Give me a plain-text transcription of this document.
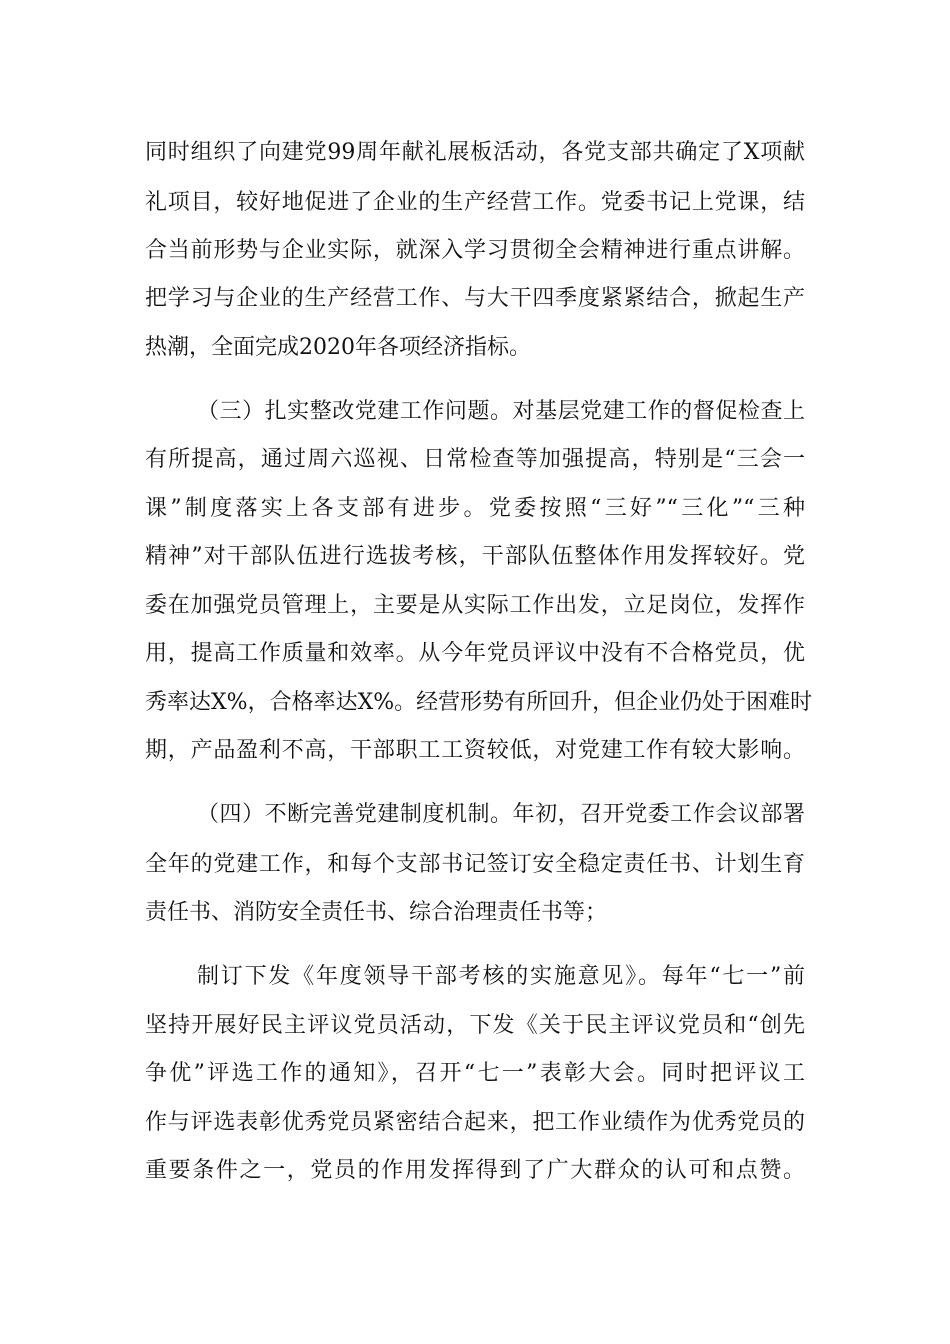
同时组织了向建党99周年献礼展板活动，各党支部共确定了X项献
礼项目，较好地促进了企业的生产经营工作。党委书记上党课，结
合当前形势与企业实际，就深入学习贯彻全会精神进行重点讲解。
把学习与企业的生产经营工作、与大干四季度紧紧结合，掀起生产
热潮，全面完成2020年各项经济指标。
（三）扎实整改党建工作问题。对基层党建工作的督促检查上
有所提高，通过周六巡视、日常检查等加强提高，特别是“三会一
课”制度落实上各支部有进步。党委按照“三好”“三化”“三种
精神”对干部队伍进行选拔考核，干部队伍整体作用发挥较好。党
委在加强党员管理上，主要是从实际工作出发，立足岗位，发挥作
用，提高工作质量和效率。从今年党员评议中没有不合格党员，优
秀率达X%，合格率达X%。经营形势有所回升，但企业仍处于困难时
期，产品盈利不高，干部职工工资较低，对党建工作有较大影响。
（四）不断完善党建制度机制。年初，召开党委工作会议部署
全年的党建工作，和每个支部书记签订安全稳定责任书、计划生育
责任书、消防安全责任书、综合治理责任书等；
制订下发《年度领导干部考核的实施意见》。每年“七一”前
坚持开展好民主评议党员活动，下发《关于民主评议党员和“创先
争优”评选工作的通知》，召开“七一”表彰大会。同时把评议工
作与评选表彰优秀党员紧密结合起来，把工作业绩作为优秀党员的
重要条件之一，党员的作用发挥得到了广大群众的认可和点赞。
